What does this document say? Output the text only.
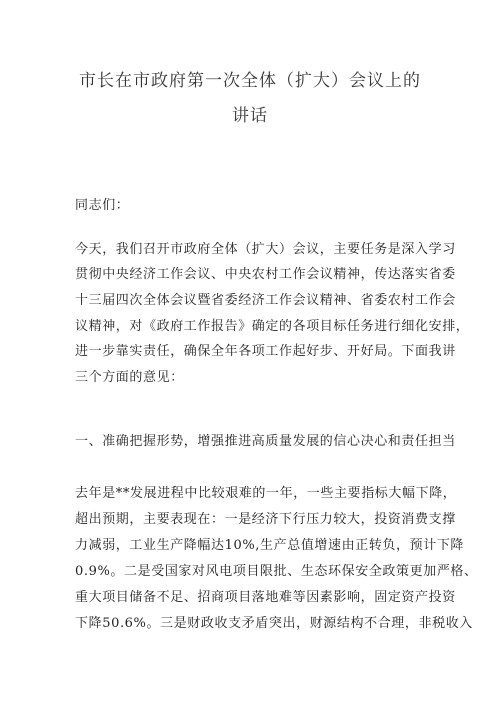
市长在市政府第一次全体（扩大）会议上的
讲话
同志们：
今天，我们召开市政府全体（扩大）会议，主要任务是深入学习
贯彻中央经济工作会议、中央农村工作会议精神，传达落实省委
十三届四次全体会议暨省委经济工作会议精神、省委农村工作会
议精神，对《政府工作报告》确定的各项目标任务进行细化安排，
进一步靠实责任，确保全年各项工作起好步、开好局。下面我讲
三个方面的意见：
一、准确把握形势，增强推进高质量发展的信心决心和责任担当
去年是**发展进程中比较艰难的一年，一些主要指标大幅下降，
超出预期，主要表现在：一是经济下行压力较大，投资消费支撑
力减弱，工业生产降幅达10%,生产总值增速由正转负，预计下降
0.9%。二是受国家对风电项目限批、生态环保安全政策更加严格、
重大项目储备不足、招商项目落地难等因素影响，固定资产投资
下降50.6%。三是财政收支矛盾突出，财源结构不合理，非税收入
